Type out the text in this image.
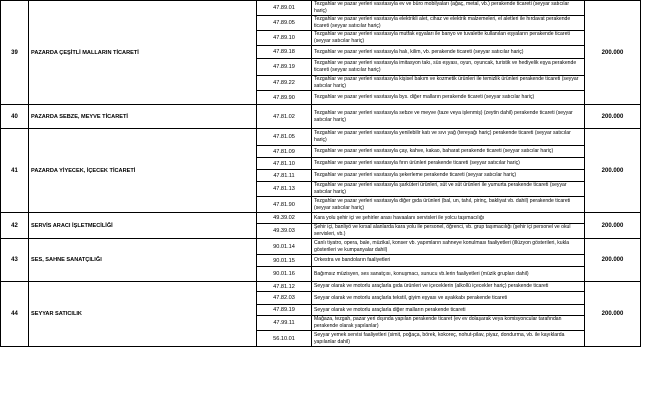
39	PAZARDA ÇEŞİTLİ MALLARIN TİCARETİ	47.89.01	Tezgahlar ve pazar yerleri vasıtasıyla ev ve büro mobilyaları (ağaç, metal, vb.) perakende ticareti (seyyar satıcılar hariç)	200.000
		47.89.05	Tezgahlar ve pazar yerleri vasıtasıyla elektrikli alet, cihaz ve elektrik malzemeleri, el aletleri ile hırdavat perakende ticareti (seyyar satıcılar hariç)	
		47.89.10	Tezgahlar ve pazar yerleri vasıtasıyla mutfak eşyaları ile banyo ve tuvalette kullanılan eşyaların perakende ticareti (seyyar satıcılar hariç)	
		47.89.18	Tezgahlar ve pazar yerleri vasıtasıyla halı, kilim, vb. perakende ticareti (seyyar satıcılar hariç)	
		47.89.19	Tezgahlar ve pazar yerleri vasıtasıyla imitasyon takı, süs eşyası, oyun, oyuncak, turistik ve hediyelik eşya perakende ticareti (seyyar satıcılar hariç)	
		47.89.22	Tezgahlar ve pazar yerleri vasıtasıyla kişisel bakım ve kozmetik ürünleri ile temizlik ürünleri perakende ticareti (seyyar satıcılar hariç)	
		47.89.90	Tezgahlar ve pazar yerleri vasıtasıyla bys. diğer malların perakende ticareti (seyyar satıcılar hariç)	
40	PAZARDA SEBZE, MEYVE TİCARETİ	47.81.02	Tezgahlar ve pazar yerleri vasıtasıyla sebze ve meyve (taze veya işlenmiş) (zeytin dahil) perakende ticareti (seyyar satıcılar hariç)	200.000
41	PAZARDA YİYECEK, İÇECEK TİCARETİ	47.81.05	Tezgahlar ve pazar yerleri vasıtasıyla yenilebilir katı ve sıvı yağ (tereyağı hariç) perakende ticareti (seyyar satıcılar hariç)	200.000
		47.81.09	Tezgahlar ve pazar yerleri vasıtasıyla çay, kahve, kakao, baharat perakende ticareti (seyyar satıcılar hariç)	
		47.81.10	Tezgahlar ve pazar yerleri vasıtasıyla fırın ürünleri perakende ticareti (seyyar satıcılar hariç)	
		47.81.11	Tezgahlar ve pazar yerleri vasıtasıyla şekerleme perakende ticareti (seyyar satıcılar hariç)	
		47.81.13	Tezgahlar ve pazar yerleri vasıtasıyla şarküteri ürünleri, süt ve süt ürünleri ile yumurta perakende ticareti (seyyar satıcılar hariç)	
		47.81.90	Tezgahlar ve pazar yerleri vasıtasıyla diğer gıda ürünleri (bal, un, tahıl, pirinç, bakliyat vb. dahil) perakende ticareti (seyyar satıcılar hariç)	
42	SERVİS ARACI İŞLETMECİLİĞİ	49.39.02	Kara yolu şehir içi ve şehirler arası havaalanı servisleri ile yolcu taşımacılığı	200.000
		49.39.03	Şehir içi, banliyö ve kırsal alanlarda kara yolu ile personel, öğrenci, vb. grup taşımacılığı (şehir içi personel ve okul servisleri, vb.)	
43	SES, SAHNE SANATÇILIĞI	90.01.14	Canlı tiyatro, opera, bale, müzikal, konser vb. yapımların sahneye konulması faaliyetleri (illüzyon gösterileri, kukla gösterileri ve kumpanyalar dahil)	200.000
		90.01.15	Orkestra ve bandoların faaliyetleri	
		90.01.16	Bağımsız müzisyen, ses sanatçısı, konuşmacı, sunucu vb.lerin faaliyetleri (müzik grupları dahil)	
44	SEYYAR SATICILIK	47.81.12	Seyyar olarak ve motorlu araçlarla gıda ürünleri ve içeceklerin (alkollü içecekler hariç) perakende ticareti	200.000
		47.82.03	Seyyar olarak ve motorlu araçlarla tekstil, giyim eşyası ve ayakkabı perakende ticareti	
		47.89.19	Seyyar olarak ve motorlu araçlarla diğer malların perakende ticareti	
		47.99.11	Mağaza, tezgah, pazar yeri dışında yapılan perakende ticaret (ev ev dolaşarak veya komisyoncular tarafından perakende olarak yapılanlar)	
		56.10.01	Seyyar yemek servisi faaliyetleri (simit, poğaça, börek, kokoreç, nohut-pilav, piyaz, dondurma, vb. ile kayıklarda yapılanlar dahil)	
